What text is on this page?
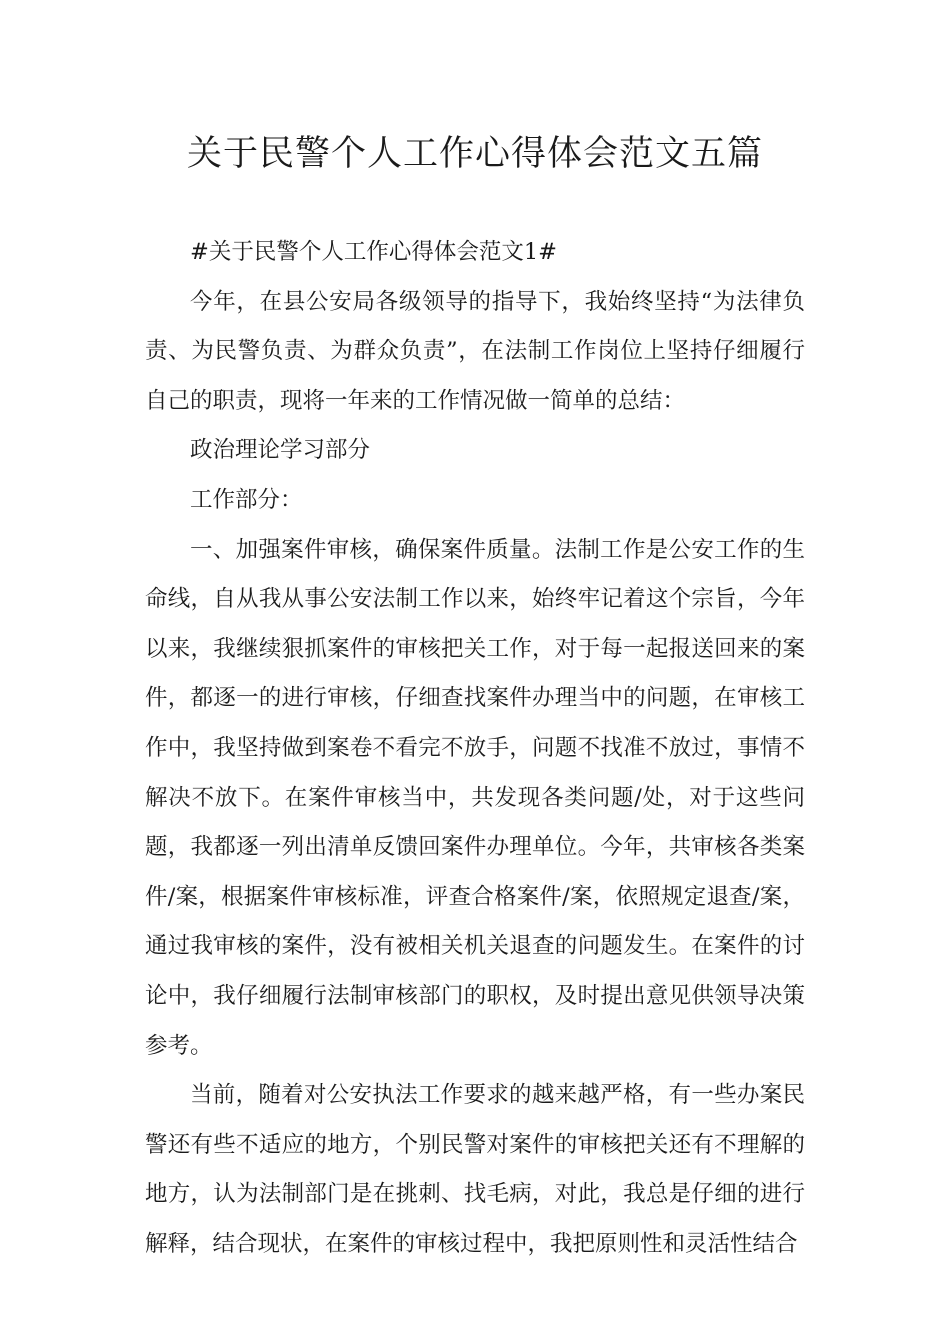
关于民警个人工作心得体会范文五篇

#关于民警个人工作心得体会范文1#

今年，在县公安局各级领导的指导下，我始终坚持“为法律负责、为民警负责、为群众负责”，在法制工作岗位上坚持仔细履行自己的职责，现将一年来的工作情况做一简单的总结：

政治理论学习部分

工作部分：

一、加强案件审核，确保案件质量。法制工作是公安工作的生命线，自从我从事公安法制工作以来，始终牢记着这个宗旨，今年以来，我继续狠抓案件的审核把关工作，对于每一起报送回来的案件，都逐一的进行审核，仔细查找案件办理当中的问题，在审核工作中，我坚持做到案卷不看完不放手，问题不找准不放过，事情不解决不放下。在案件审核当中，共发现各类问题/处，对于这些问题，我都逐一列出清单反馈回案件办理单位。今年，共审核各类案件/案，根据案件审核标准，评查合格案件/案，依照规定退查/案，通过我审核的案件，没有被相关机关退查的问题发生。在案件的讨论中，我仔细履行法制审核部门的职权，及时提出意见供领导决策参考。

当前，随着对公安执法工作要求的越来越严格，有一些办案民警还有些不适应的地方，个别民警对案件的审核把关还有不理解的地方，认为法制部门是在挑刺、找毛病，对此，我总是仔细的进行解释，结合现状，在案件的审核过程中，我把原则性和灵活性结合
